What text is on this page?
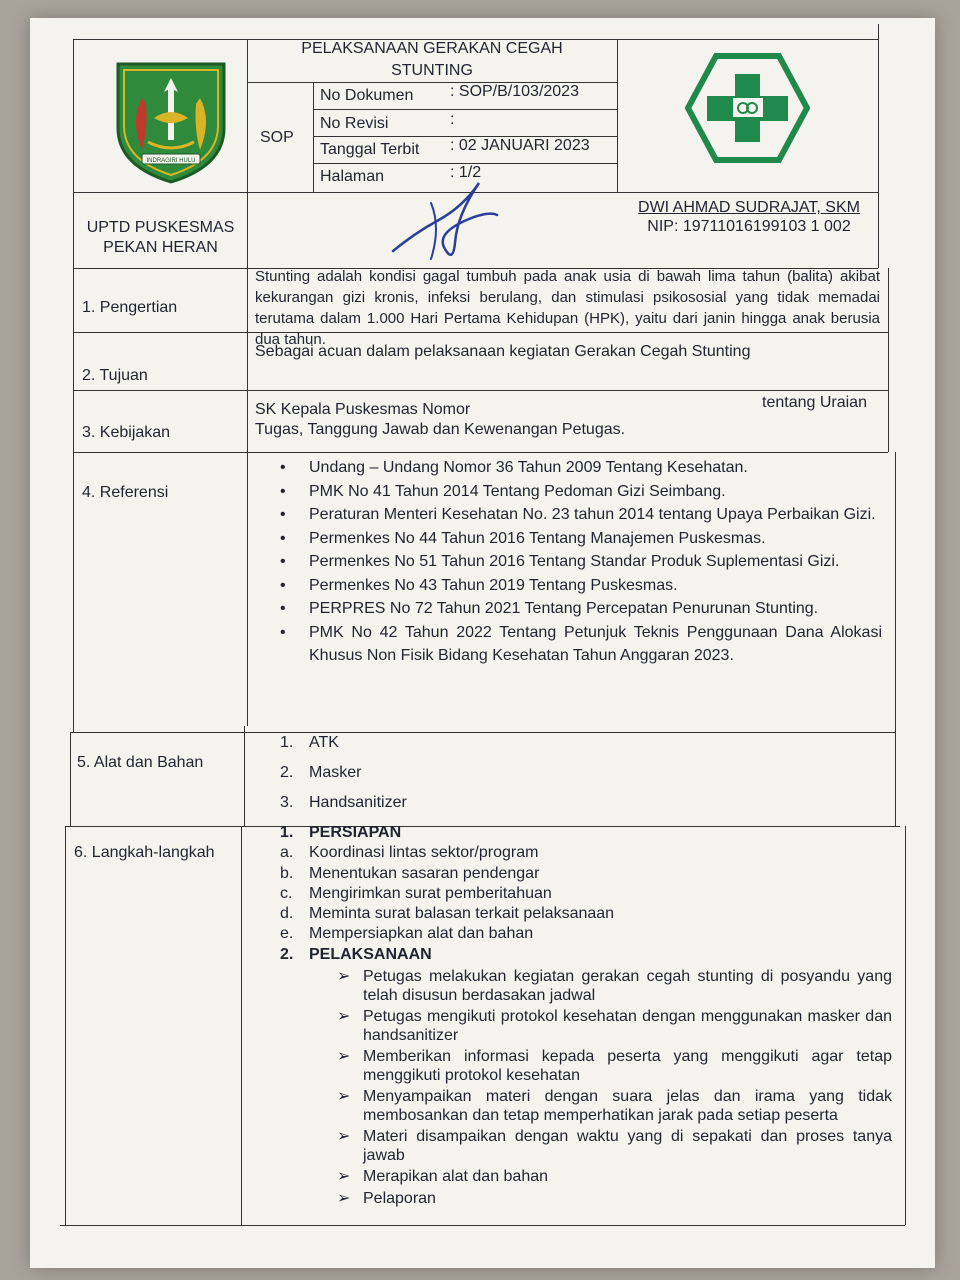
INDRAGIRI HULU
PELAKSANAAN GERAKAN CEGAH STUNTING
SOP
No Dokumen : SOP/B/103/2023
No Revisi	:
Tanggal Terbit : 02 JANUARI 2023
Halaman	: 1/2
UPTD PUSKESMAS PEKAN HERAN
DWI AHMAD SUDRAJAT, SKM
NIP: 19711016199103 1 002
1. Pengertian
Stunting adalah kondisi gagal tumbuh pada anak usia di bawah lima tahun (balita) akibat kekurangan gizi kronis, infeksi berulang, dan stimulasi psikososial yang tidak memadai terutama dalam 1.000 Hari Pertama Kehidupan (HPK), yaitu dari janin hingga anak berusia dua tahun.
2. Tujuan
Sebagai acuan dalam pelaksanaan kegiatan Gerakan Cegah Stunting
3. Kebijakan
SK Kepala Puskesmas Nomor	tentang Uraian
Tugas, Tanggung Jawab dan Kewenangan Petugas.
4. Referensi
• Undang – Undang Nomor 36 Tahun 2009 Tentang Kesehatan.
• PMK No 41 Tahun 2014 Tentang Pedoman Gizi Seimbang.
• Peraturan Menteri Kesehatan No. 23 tahun 2014 tentang Upaya Perbaikan Gizi.
• Permenkes No 44 Tahun 2016 Tentang Manajemen Puskesmas.
• Permenkes No 51 Tahun 2016 Tentang Standar Produk Suplementasi Gizi.
• Permenkes No 43 Tahun 2019 Tentang Puskesmas.
• PERPRES No 72 Tahun 2021 Tentang Percepatan Penurunan Stunting.
• PMK No 42 Tahun 2022 Tentang Petunjuk Teknis Penggunaan Dana Alokasi Khusus Non Fisik Bidang Kesehatan Tahun Anggaran 2023.
5. Alat dan Bahan
1. ATK
2. Masker
3. Handsanitizer
6. Langkah-langkah
1. PERSIAPAN
a. Koordinasi lintas sektor/program
b. Menentukan sasaran pendengar
c.	Mengirimkan surat pemberitahuan
d. Meminta surat balasan terkait pelaksanaan
e. Mempersiapkan alat dan bahan
2. PELAKSANAAN
➢ Petugas melakukan kegiatan gerakan cegah stunting di posyandu yang telah disusun berdasakan jadwal
➢ Petugas mengikuti protokol kesehatan dengan menggunakan masker dan handsanitizer
➢ Memberikan informasi kepada peserta yang menggikuti agar tetap menggikuti protokol kesehatan
➢ Menyampaikan materi dengan suara jelas dan irama yang tidak membosankan dan tetap memperhatikan jarak pada setiap peserta
➢ Materi disampaikan dengan waktu yang di sepakati dan proses tanya jawab
➢ Merapikan alat dan bahan
➢ Pelaporan
